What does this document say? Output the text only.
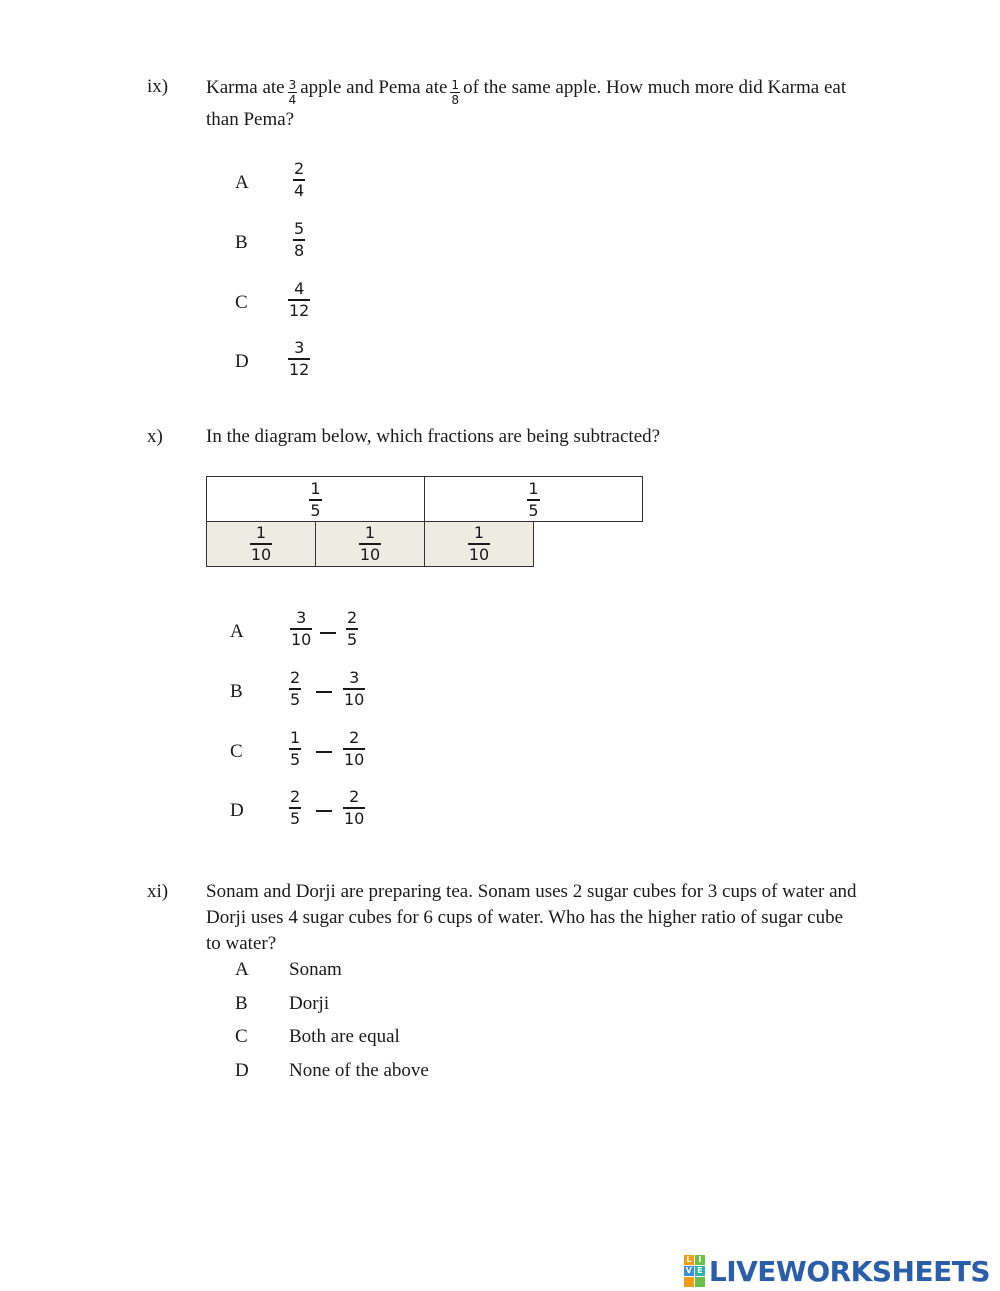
ix) Karma ate $\frac{3}{4}$ apple and Pema ate $\frac{1}{8}$ of the same apple. How much more did Karma eat
than Pema?
A
2
4
B
5
8
C
4
12
D
3
12
x) In the diagram below, which fractions are being subtracted?
$\frac{1}{5}$	$\frac{1}{5}$
$\frac{1}{10}$	$\frac{1}{10}$	$\frac{1}{10}$
A
3
10
2
5
B
2
5
3
10
C
1
5
2
10
D
2
5
2
10
xi) Sonam and Dorji are preparing tea. Sonam uses 2 sugar cubes for 3 cups of water and
Dorji uses 4 sugar cubes for 6 cups of water. Who has the higher ratio of sugar cube
to water?
A Sonam
B Dorji
C Both are equal
D None of the above
L I
V E LIVEWORKSHEETS
